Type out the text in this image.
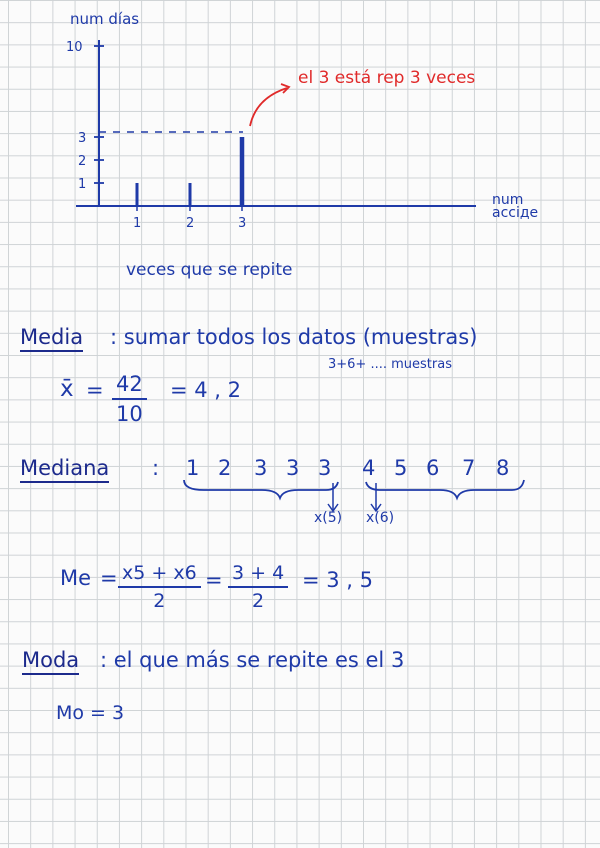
10
3
2
1
1	2	3
num días
num
acciде
el 3 está rep 3 veces
veces que se repite
Media : sumar todos los datos (muestras)
3+6+ .... muestras
x̄ = 42
10
= 4 , 2
Mediana : 1 2 3 3 3 4 5 6 7 8
x(5) x(6)
Me = x5 + x6
2
= 3 + 4
2
= 3 , 5
Moda : el que más se repite es el 3
Mo = 3
